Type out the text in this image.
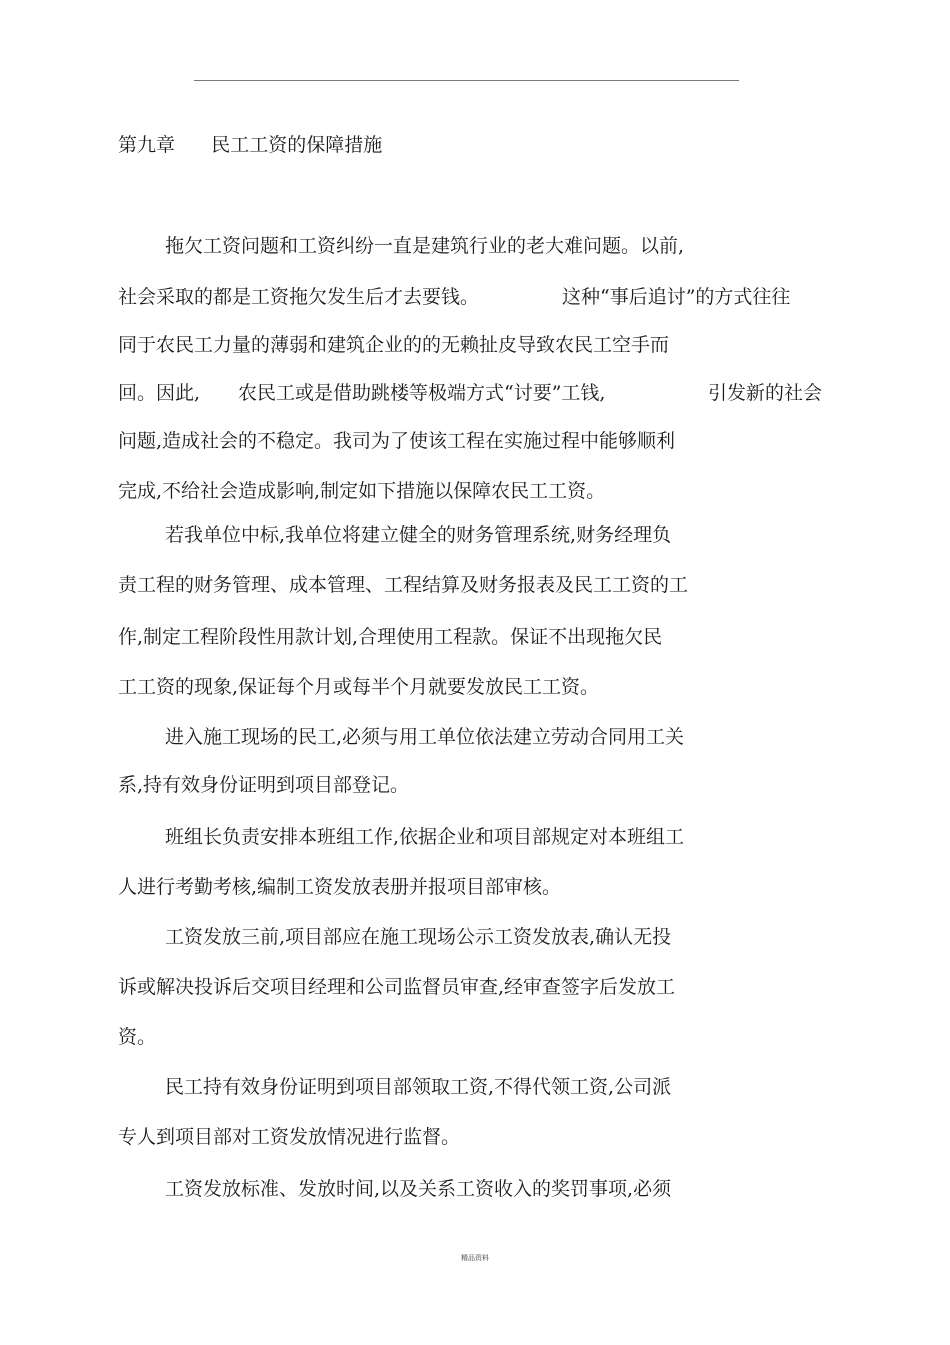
第九章 民工工资的保障措施
拖欠工资问题和工资纠纷一直是建筑行业的老大难问题。以前,
社会采取的都是工资拖欠发生后才去要钱。	这种“事后追讨”的方式往往
同于农民工力量的薄弱和建筑企业的的无赖扯皮导致农民工空手而
回。因此, 农民工或是借助跳楼等极端方式“讨要”工钱,	引发新的社会
问题,造成社会的不稳定。我司为了使该工程在实施过程中能够顺利
完成,不给社会造成影响,制定如下措施以保障农民工工资。
若我单位中标,我单位将建立健全的财务管理系统,财务经理负
责工程的财务管理、成本管理、工程结算及财务报表及民工工资的工
作,制定工程阶段性用款计划,合理使用工程款。保证不出现拖欠民
工工资的现象,保证每个月或每半个月就要发放民工工资。
进入施工现场的民工,必须与用工单位依法建立劳动合同用工关
系,持有效身份证明到项目部登记。
班组长负责安排本班组工作,依据企业和项目部规定对本班组工
人进行考勤考核,编制工资发放表册并报项目部审核。
工资发放三前,项目部应在施工现场公示工资发放表,确认无投
诉或解决投诉后交项目经理和公司监督员审查,经审查签字后发放工
资。
民工持有效身份证明到项目部领取工资,不得代领工资,公司派
专人到项目部对工资发放情况进行监督。
工资发放标准、发放时间,以及关系工资收入的奖罚事项,必须
精品资料
